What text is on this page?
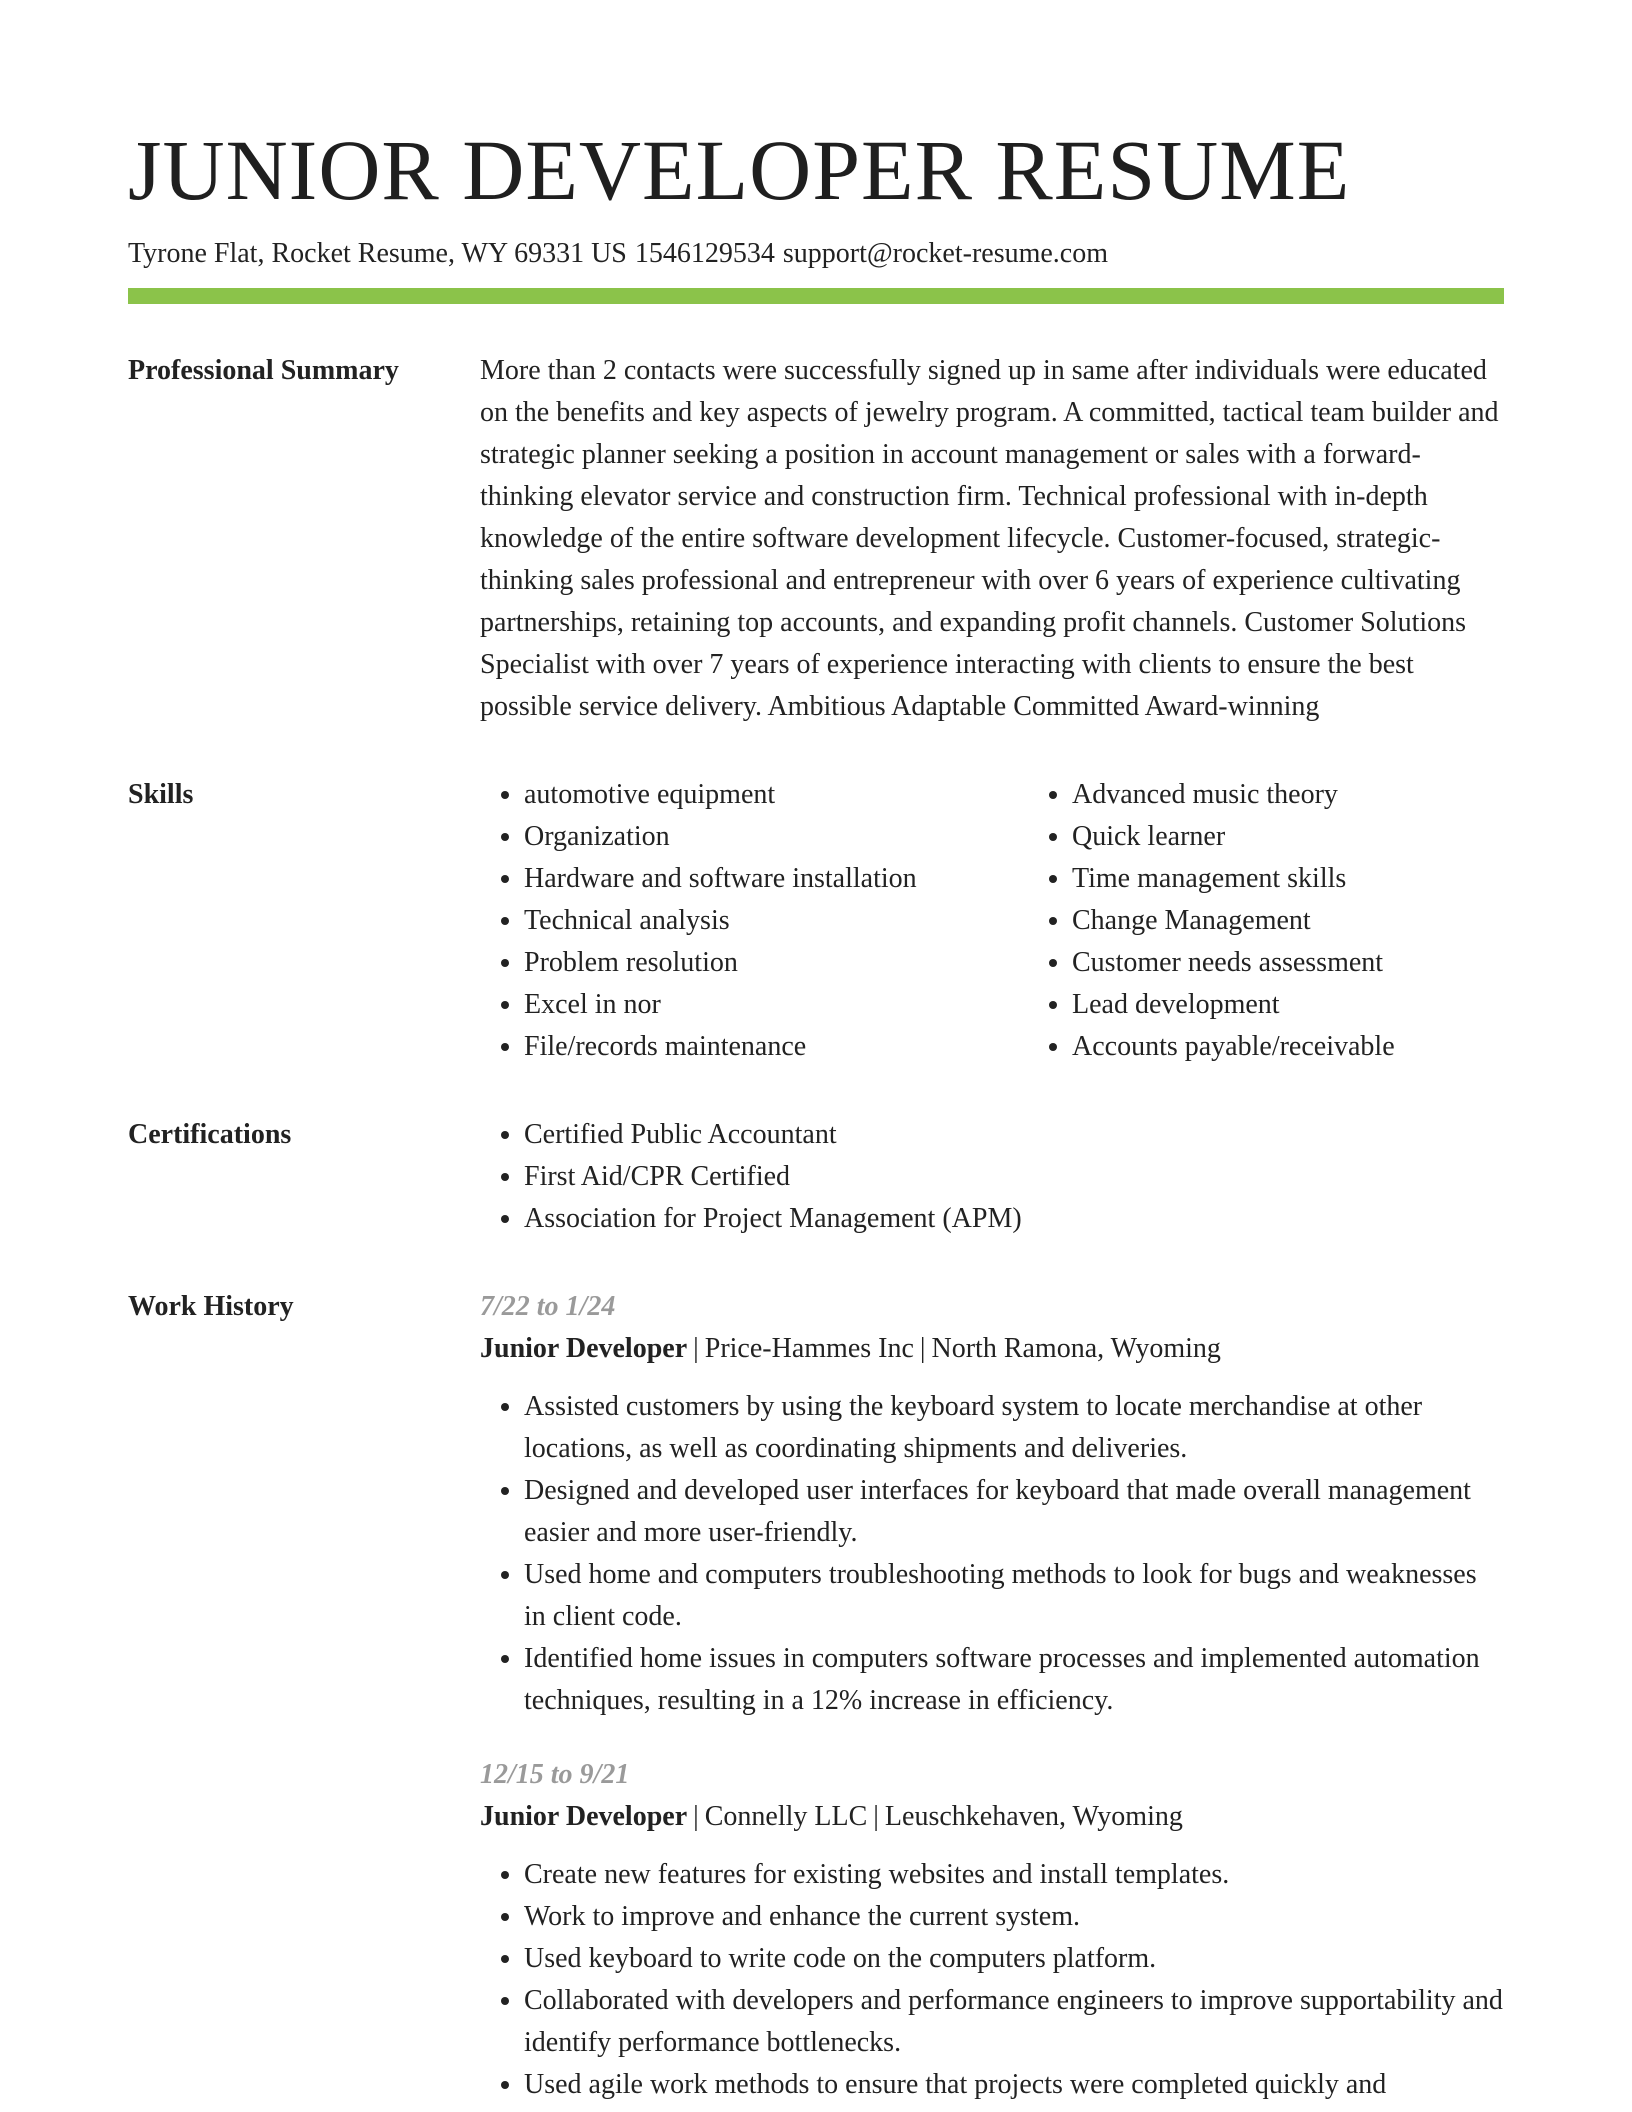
JUNIOR DEVELOPER RESUME
Tyrone Flat, Rocket Resume, WY 69331 US 1546129534 support@rocket-resume.com
Professional Summary	More than 2 contacts were successfully signed up in same after individuals were educated on the benefits and key aspects of jewelry program. A committed, tactical team builder and strategic planner seeking a position in account management or sales with a forward-thinking elevator service and construction firm. Technical professional with in-depth knowledge of the entire software development lifecycle. Customer-focused, strategic-thinking sales professional and entrepreneur with over 6 years of experience cultivating partnerships, retaining top accounts, and expanding profit channels. Customer Solutions Specialist with over 7 years of experience interacting with clients to ensure the best possible service delivery. Ambitious Adaptable Committed Award-winning

Skills	• automotive equipment
• Organization
• Hardware and software installation
• Technical analysis
• Problem resolution
• Excel in nor
• File/records maintenance
• Advanced music theory
• Quick learner
• Time management skills
• Change Management
• Customer needs assessment
• Lead development
• Accounts payable/receivable
Certifications	• Certified Public Accountant
• First Aid/CPR Certified
• Association for Project Management (APM)
Work History	7/22 to 1/24
Junior Developer | Price-Hammes Inc | North Ramona, Wyoming
• Assisted customers by using the keyboard system to locate merchandise at other locations, as well as coordinating shipments and deliveries.
• Designed and developed user interfaces for keyboard that made overall management easier and more user-friendly.
• Used home and computers troubleshooting methods to look for bugs and weaknesses in client code.
• Identified home issues in computers software processes and implemented automation techniques, resulting in a 12% increase in efficiency.
12/15 to 9/21
Junior Developer | Connelly LLC | Leuschkehaven, Wyoming
• Create new features for existing websites and install templates.
• Work to improve and enhance the current system.
• Used keyboard to write code on the computers platform.
• Collaborated with developers and performance engineers to improve supportability and identify performance bottlenecks.
• Used agile work methods to ensure that projects were completed quickly and
